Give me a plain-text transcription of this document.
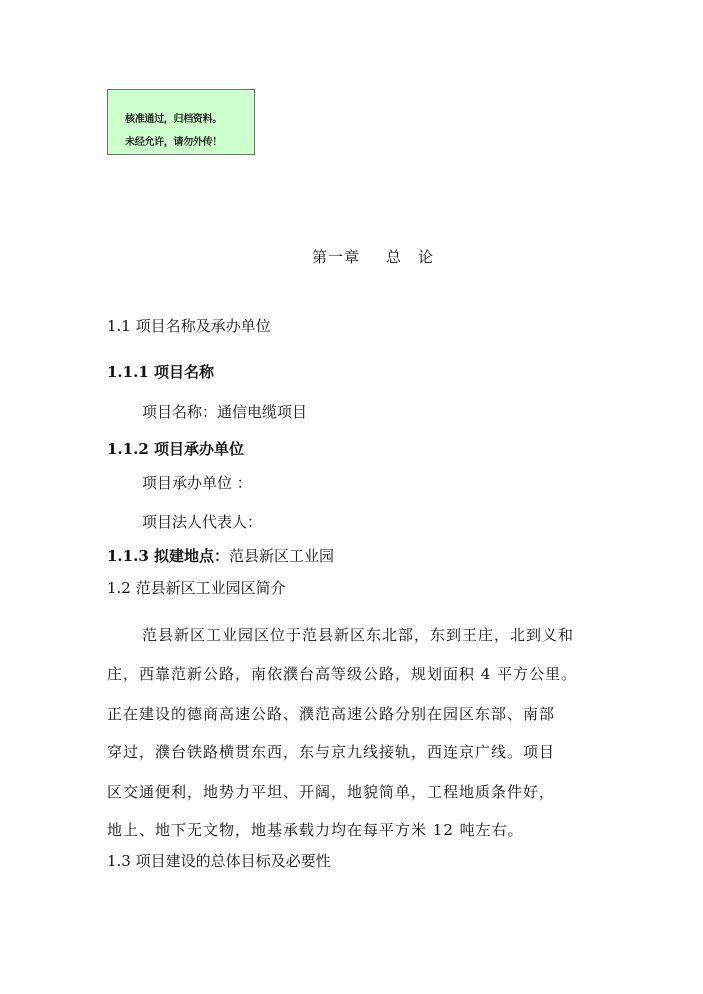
核准通过，归档资料。
未经允许，请勿外传！
第一章 总　论
1.1 项目名称及承办单位
1.1.1 项目名称
项目名称：通信电缆项目
1.1.2 项目承办单位
项目承办单位 ：
项目法人代表人：
1.1.3 拟建地点：范县新区工业园
1.2 范县新区工业园区简介
范县新区工业园区位于范县新区东北部，东到王庄，北到义和
庄，西靠范新公路，南依濮台高等级公路，规划面积 4 平方公里。
正在建设的德商高速公路、濮范高速公路分别在园区东部、南部
穿过，濮台铁路横贯东西，东与京九线接轨，西连京广线。项目
区交通便利，地势力平坦、开阔，地貌简单，工程地质条件好，
地上、地下无文物，地基承载力均在每平方米 12 吨左右。
1.3 项目建设的总体目标及必要性
